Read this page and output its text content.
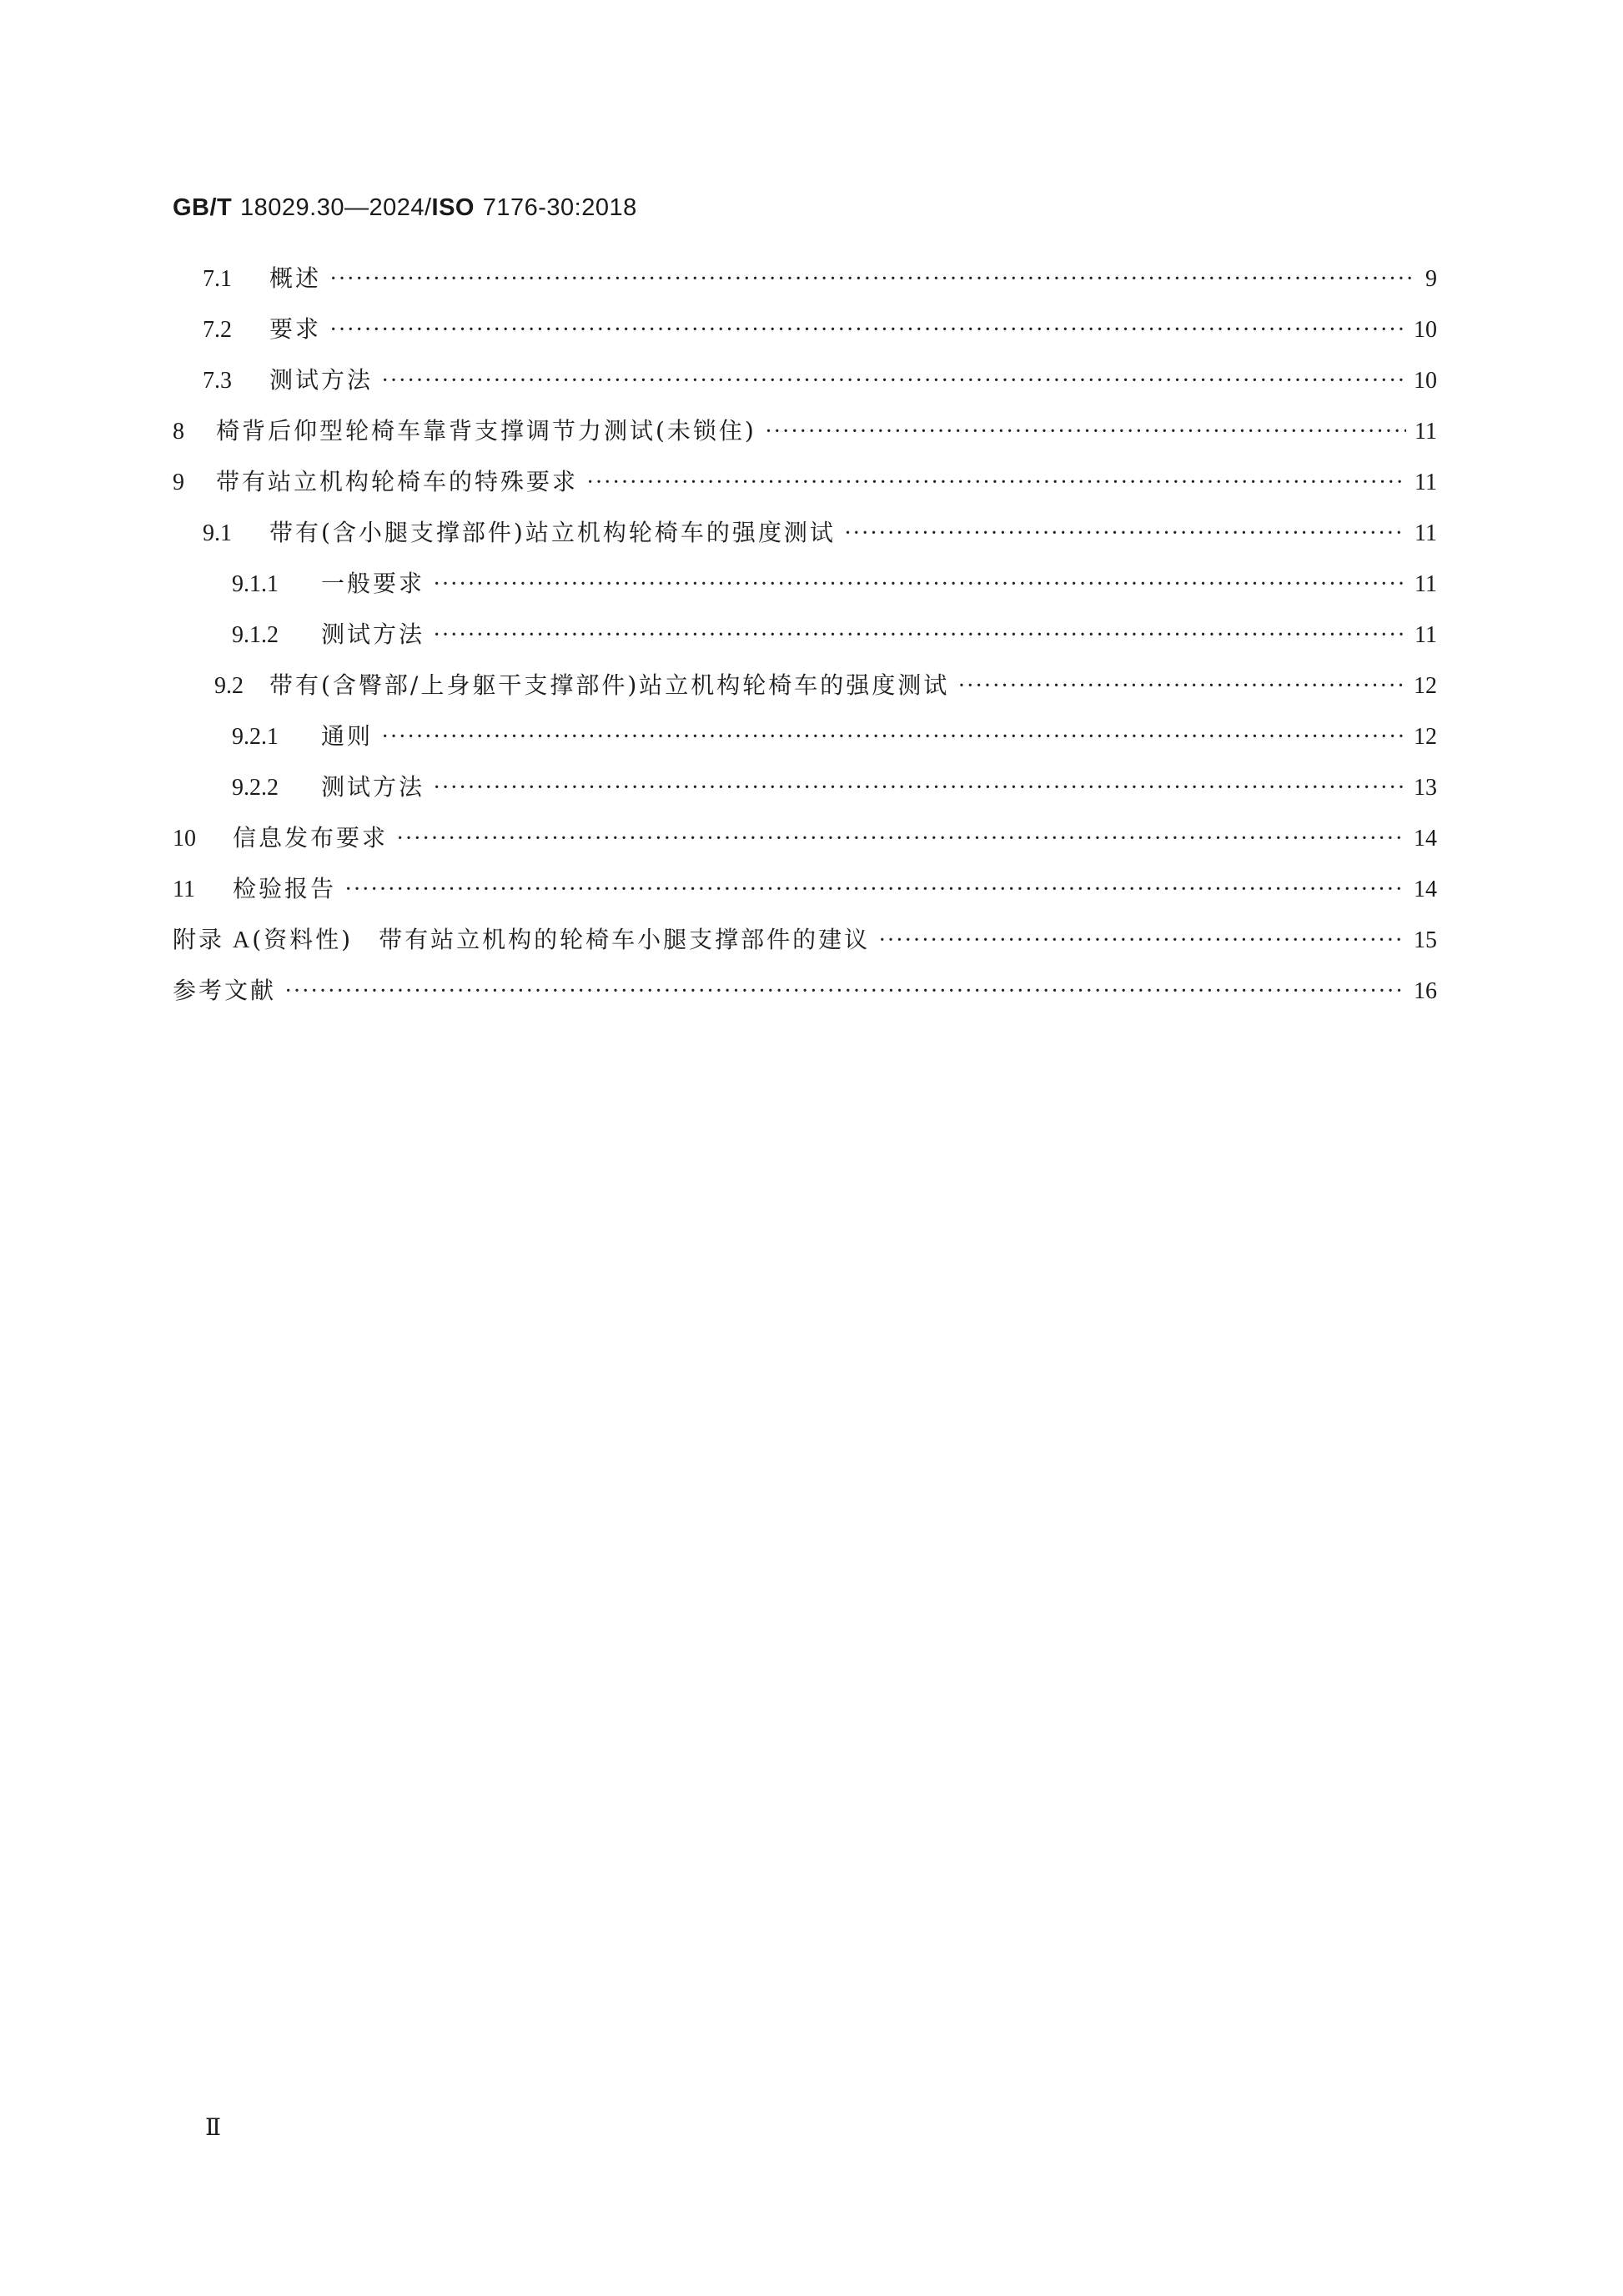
GB/T 18029.30—2024/ISO 7176-30:2018
7.1	概述 ·····	9
7.2	要求 ·····	10
7.3	测试方法 ·····	10
8	椅背后仰型轮椅车靠背支撑调节力测试(未锁住) ·····	11
9	带有站立机构轮椅车的特殊要求 ·····	11
9.1	带有(含小腿支撑部件)站立机构轮椅车的强度测试 ·····	11
9.1.1	一般要求 ·····	11
9.1.2	测试方法 ·····	11
9.2	带有(含臀部/上身躯干支撑部件)站立机构轮椅车的强度测试 ·····	12
9.2.1	通则 ·····	12
9.2.2	测试方法 ·····	13
10	信息发布要求 ·····	14
11	检验报告 ·····	14
附录 A (资料性)　带有站立机构的轮椅车小腿支撑部件的建议 ·····	15
参考文献 ·····	16
Ⅱ
